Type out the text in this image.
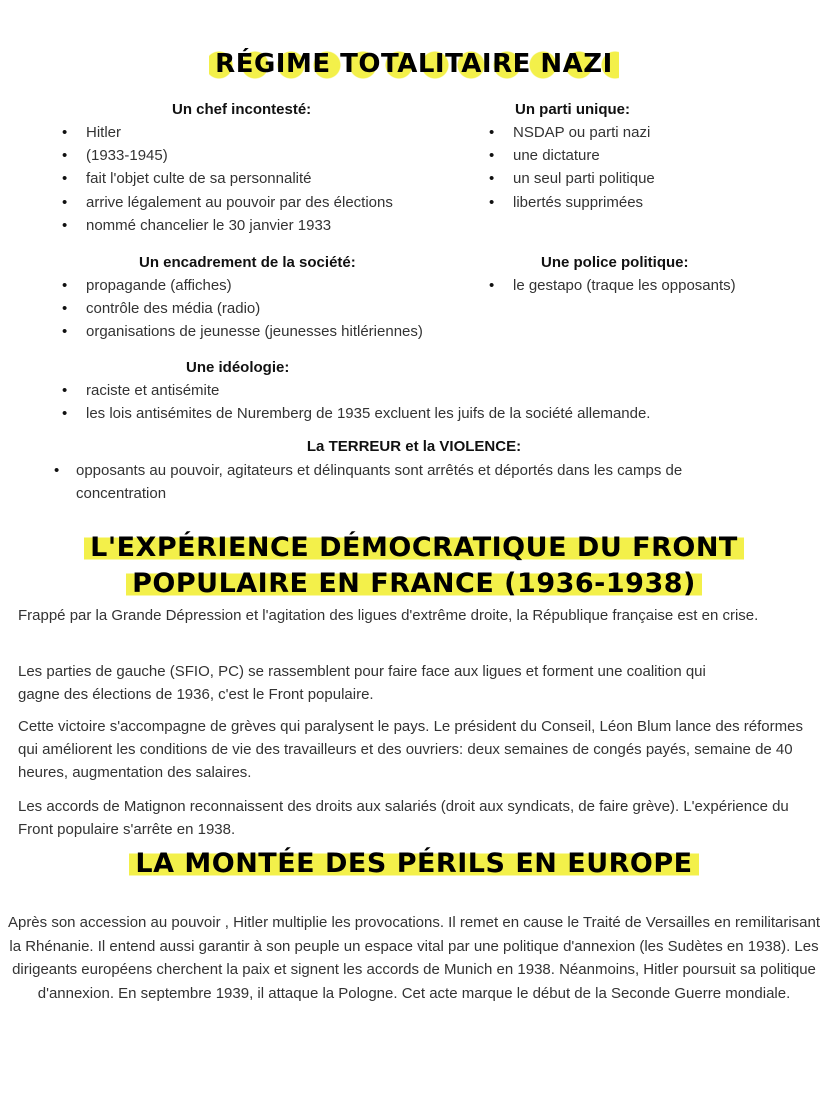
RÉGIME TOTALITAIRE NAZI
Un chef incontesté:
• Hitler
• (1933-1945)
• fait l'objet culte de sa personnalité
• arrive légalement au pouvoir par des élections
• nommé chancelier le 30 janvier 1933
Un parti unique:
• NSDAP ou parti nazi
• une dictature
• un seul parti politique
• libertés supprimées
Un encadrement de la société:
• propagande (affiches)
• contrôle des média (radio)
• organisations de jeunesse (jeunesses hitlériennes)
Une police politique:
• le gestapo (traque les opposants)
Une idéologie:
• raciste et antisémite
• les lois antisémites de Nuremberg de 1935 excluent les juifs de la société allemande.
La TERREUR et la VIOLENCE:
• opposants au pouvoir, agitateurs et délinquants sont arrêtés et déportés dans les camps de
concentration
L'EXPÉRIENCE DÉMOCRATIQUE DU FRONT
POPULAIRE EN FRANCE (1936-1938)
Frappé par la Grande Dépression et l'agitation des ligues d'extrême droite, la République française est en crise.
Les parties de gauche (SFIO, PC) se rassemblent pour faire face aux ligues et forment une coalition qui gagne des élections de 1936, c'est le Front populaire.
Cette victoire s'accompagne de grèves qui paralysent le pays. Le président du Conseil, Léon Blum lance des réformes qui améliorent les conditions de vie des travailleurs et des ouvriers: deux semaines de congés payés, semaine de 40 heures, augmentation des salaires.
Les accords de Matignon reconnaissent des droits aux salariés (droit aux syndicats, de faire grève). L'expérience du Front populaire s'arrête en 1938.
LA MONTÉE DES PÉRILS EN EUROPE
Après son accession au pouvoir , Hitler multiplie les provocations. Il remet en cause le Traité de Versailles en remilitarisant la Rhénanie. Il entend aussi garantir à son peuple un espace vital par une politique d'annexion (les Sudètes en 1938). Les dirigeants européens cherchent la paix et signent les accords de Munich en 1938. Néanmoins, Hitler poursuit sa politique d'annexion. En septembre 1939, il attaque la Pologne. Cet acte marque le début de la Seconde Guerre mondiale.
